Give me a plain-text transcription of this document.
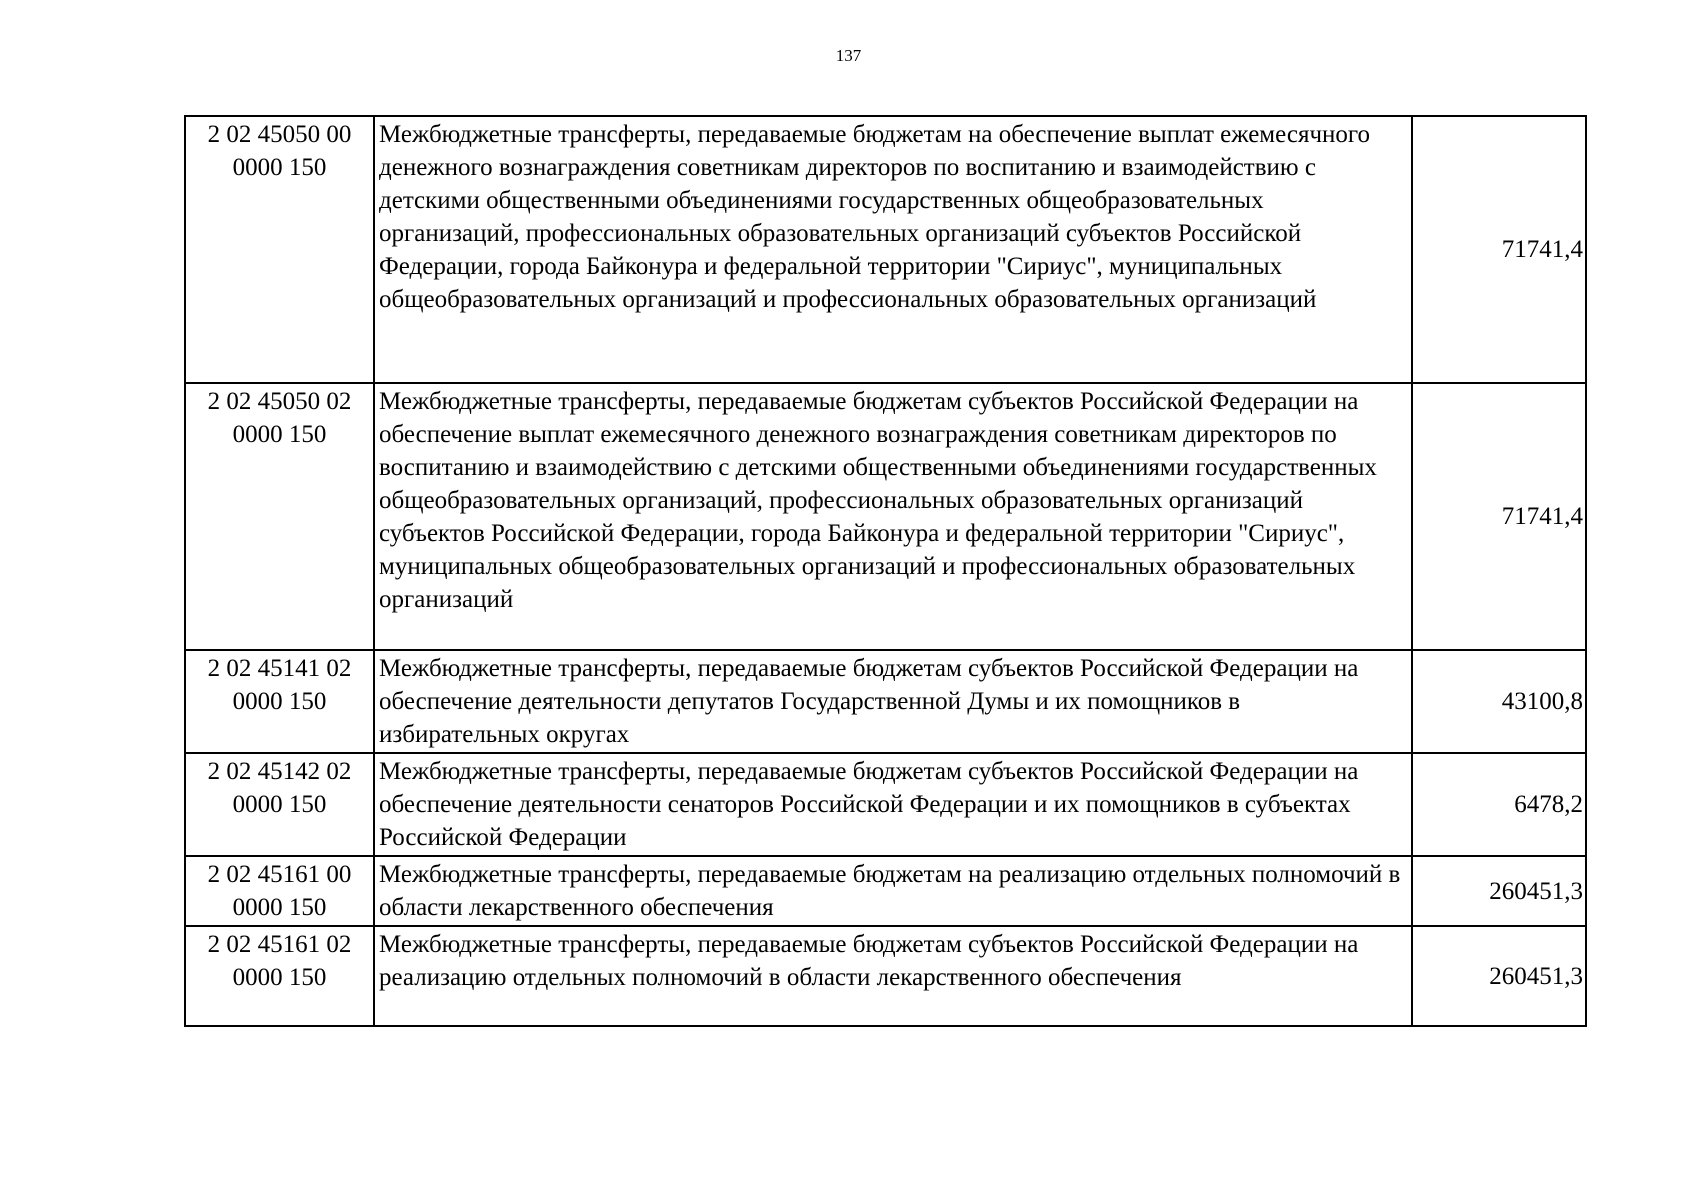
137
2 02 45050 00
0000 150	Межбюджетные трансферты, передаваемые бюджетам на обеспечение выплат ежемесячного денежного вознаграждения советникам директоров по воспитанию и взаимодействию с детскими общественными объединениями государственных общеобразовательных организаций, профессиональных образовательных организаций субъектов Российской Федерации, города Байконура и федеральной территории "Сириус", муниципальных общеобразовательных организаций и профессиональных образовательных организаций	71741,4

2 02 45050 02
0000 150	Межбюджетные трансферты, передаваемые бюджетам субъектов Российской Федерации на обеспечение выплат ежемесячного денежного вознаграждения советникам директоров по воспитанию и взаимодействию с детскими общественными объединениями государственных общеобразовательных организаций, профессиональных образовательных организаций субъектов Российской Федерации, города Байконура и федеральной территории "Сириус", муниципальных общеобразовательных организаций и профессиональных образовательных организаций	71741,4

2 02 45141 02
0000 150	Межбюджетные трансферты, передаваемые бюджетам субъектов Российской Федерации на обеспечение деятельности депутатов Государственной Думы и их помощников в избирательных округах	43100,8

2 02 45142 02
0000 150	Межбюджетные трансферты, передаваемые бюджетам субъектов Российской Федерации на обеспечение деятельности сенаторов Российской Федерации и их помощников в субъектах Российской Федерации	6478,2

2 02 45161 00
0000 150	Межбюджетные трансферты, передаваемые бюджетам на реализацию отдельных полномочий в области лекарственного обеспечения	260451,3

2 02 45161 02
0000 150	Межбюджетные трансферты, передаваемые бюджетам субъектов Российской Федерации на реализацию отдельных полномочий в области лекарственного обеспечения	260451,3
